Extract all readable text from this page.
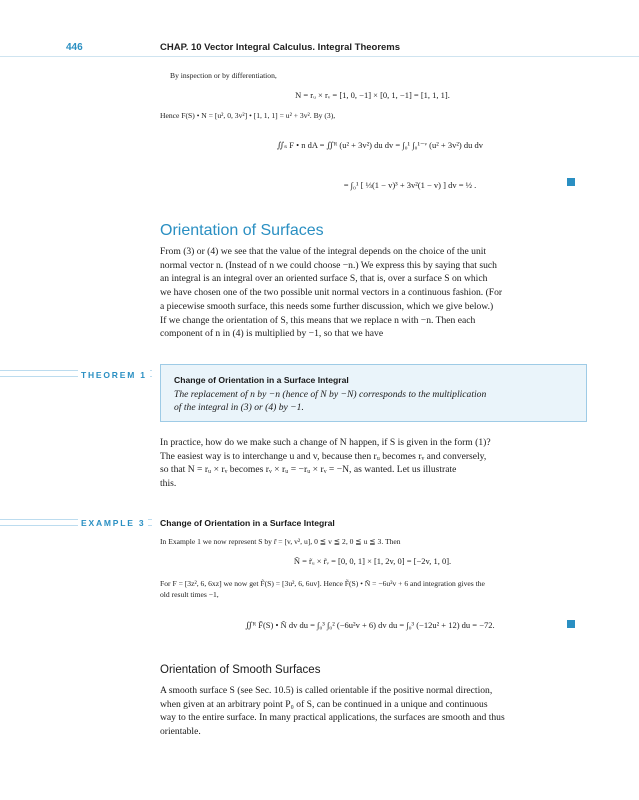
446	CHAP. 10 Vector Integral Calculus. Integral Theorems
By inspection or by differentiation,
N = rᵤ × rᵥ = [1, 0, −1] × [0, 1, −1] = [1, 1, 1].
Hence F(S) • N = [u², 0, 3v²] • [1, 1, 1] = u² + 3v². By (3),
∬ₛ F • n dA = ∬ᴿ (u² + 3v²) du dv = ∫₀¹ ∫₀¹⁻ᵛ (u² + 3v²) du dv
= ∫₀¹ [ ⅓(1 − v)³ + 3v²(1 − v) ] dv = ½ .
Orientation of Surfaces
From (3) or (4) we see that the value of the integral depends on the choice of the unit
normal vector n. (Instead of n we could choose −n.) We express this by saying that such
an integral is an integral over an oriented surface S, that is, over a surface S on which
we have chosen one of the two possible unit normal vectors in a continuous fashion. (For
a piecewise smooth surface, this needs some further discussion, which we give below.)
If we change the orientation of S, this means that we replace n with −n. Then each
component of n in (4) is multiplied by −1, so that we have
THEOREM 1	Change of Orientation in a Surface Integral
The replacement of n by −n (hence of N by −N) corresponds to the multiplication
of the integral in (3) or (4) by −1.
In practice, how do we make such a change of N happen, if S is given in the form (1)?
The easiest way is to interchange u and v, because then rᵤ becomes rᵥ and conversely,
so that N = rᵤ × rᵥ becomes rᵥ × rᵤ = −rᵤ × rᵥ = −N, as wanted. Let us illustrate
this.
EXAMPLE 3	Change of Orientation in a Surface Integral
In Example 1 we now represent S by r̃ = [v, v², u], 0 ≦ v ≦ 2, 0 ≦ u ≦ 3. Then
Ñ = r̃ᵤ × r̃ᵥ = [0, 0, 1] × [1, 2v, 0] = [−2v, 1, 0].
For F = [3z², 6, 6xz] we now get F̃(S) = [3u², 6, 6uv]. Hence F̃(S) • Ñ = −6u²v + 6 and integration gives the
old result times −1,
∬ᴿ F̃(S) • Ñ dv du = ∫₀³ ∫₀² (−6u²v + 6) dv du = ∫₀³ (−12u² + 12) du = −72.
Orientation of Smooth Surfaces
A smooth surface S (see Sec. 10.5) is called orientable if the positive normal direction,
when given at an arbitrary point P₀ of S, can be continued in a unique and continuous
way to the entire surface. In many practical applications, the surfaces are smooth and thus
orientable.
